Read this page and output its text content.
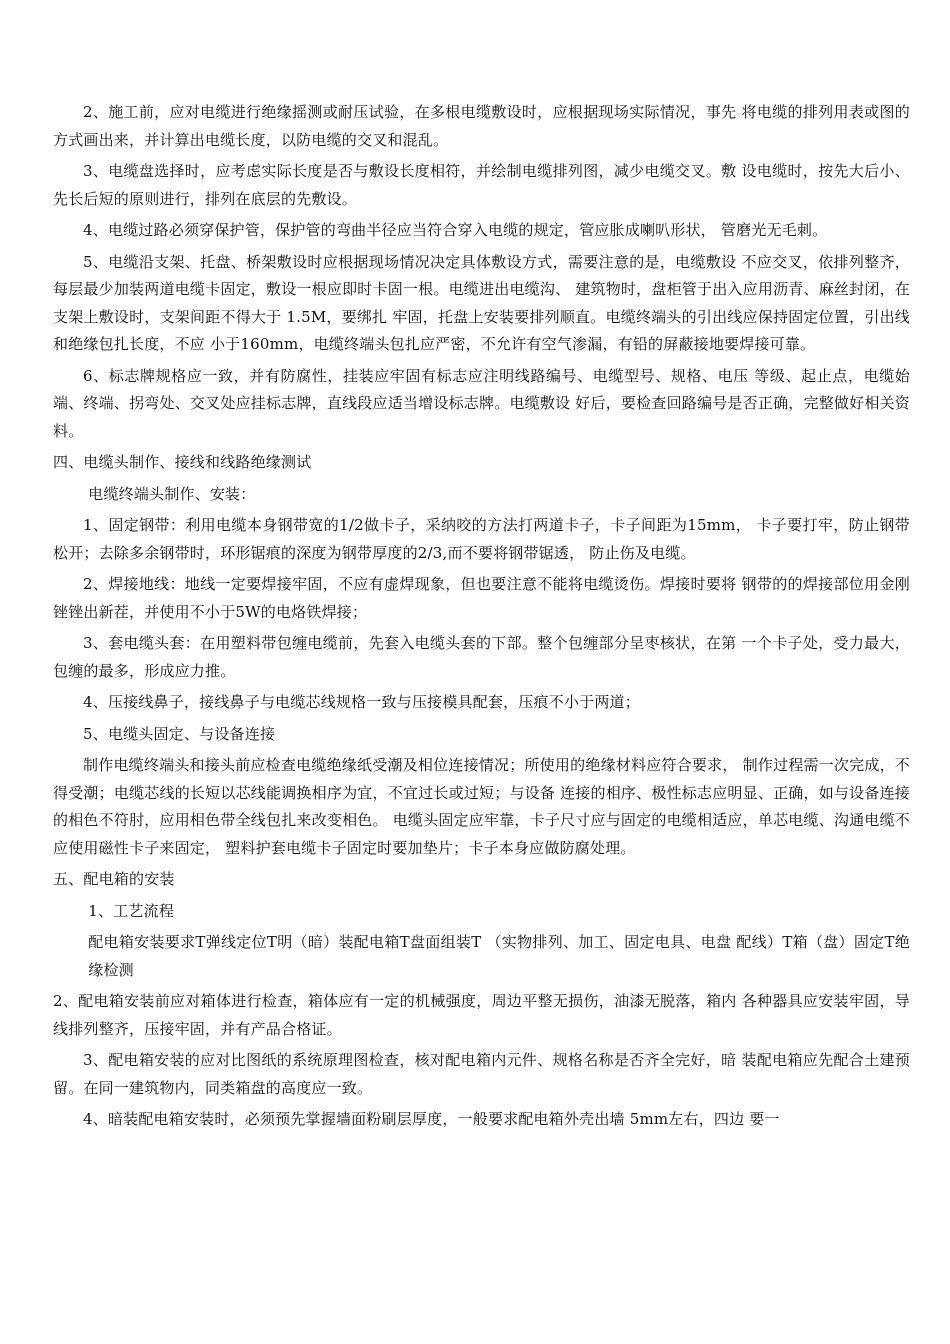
2、施工前，应对电缆进行绝缘摇测或耐压试验，在多根电缆敷设时，应根据现场实际情况，事先 将电缆的排列用表或图的方式画出来，并计算出电缆长度，以防电缆的交叉和混乱。

3、电缆盘选择时，应考虑实际长度是否与敷设长度相符，并绘制电缆排列图，减少电缆交叉。敷 设电缆时，按先大后小、先长后短的原则进行，排列在底层的先敷设。

4、电缆过路必须穿保护管，保护管的弯曲半径应当符合穿入电缆的规定，管应胀成喇叭形状， 管磨光无毛刺。

5、电缆沿支架、托盘、桥架敷设时应根据现场情况决定具体敷设方式，需要注意的是，电缆敷设 不应交叉，依排列整齐，每层最少加装两道电缆卡固定，敷设一根应即时卡固一根。电缆进出电缆沟、 建筑物时，盘柜管于出入应用沥青、麻丝封闭，在支架上敷设时，支架间距不得大于 1.5M，要绑扎 牢固，托盘上安装要排列顺直。电缆终端头的引出线应保持固定位置，引出线和绝缘包扎长度，不应 小于160mm，电缆终端头包扎应严密，不允许有空气渗漏，有铅的屏蔽接地要焊接可靠。

6、标志牌规格应一致，并有防腐性，挂装应牢固有标志应注明线路编号、电缆型号、规格、电压 等级、起止点，电缆始端、终端、拐弯处、交叉处应挂标志牌，直线段应适当增设标志牌。电缆敷设 好后，要检查回路编号是否正确，完整做好相关资料。

四、电缆头制作、接线和线路绝缘测试

电缆终端头制作、安装：

1、固定钢带：利用电缆本身钢带宽的1/2做卡子，采纳咬的方法打两道卡子，卡子间距为15mm， 卡子要打牢，防止钢带松开；去除多余钢带时，环形锯痕的深度为钢带厚度的2/3,而不要将钢带锯透， 防止伤及电缆。

2、焊接地线：地线一定要焊接牢固，不应有虚焊现象，但也要注意不能将电缆烫伤。焊接时要将 钢带的的焊接部位用金刚锉锉出新茬，并使用不小于5W的电烙铁焊接；

3、套电缆头套：在用塑料带包缠电缆前，先套入电缆头套的下部。整个包缠部分呈枣核状，在第 一个卡子处，受力最大，包缠的最多，形成应力推。

4、压接线鼻子，接线鼻子与电缆芯线规格一致与压接模具配套，压痕不小于两道；

5、电缆头固定、与设备连接

制作电缆终端头和接头前应检查电缆绝缘纸受潮及相位连接情况；所使用的绝缘材料应符合要求， 制作过程需一次完成，不得受潮；电缆芯线的长短以芯线能调换相序为宜，不宜过长或过短；与设备 连接的相序、极性标志应明显、正确，如与设备连接的相色不符肘，应用相色带全线包扎来改变相色。 电缆头固定应牢靠，卡子尺寸应与固定的电缆相适应，单芯电缆、沟通电缆不应使用磁性卡子来固定， 塑料护套电缆卡子固定时要加垫片；卡子本身应做防腐处理。

五、配电箱的安装

1、工艺流程

配电箱安装要求T弹线定位T明（暗）装配电箱T盘面组装T （实物排列、加工、固定电具、电盘 配线）T箱（盘）固定T绝缘检测

2、配电箱安装前应对箱体进行检查，箱体应有一定的机械强度，周边平整无损伤，油漆无脱落，箱内 各种器具应安装牢固，导线排列整齐，压接牢固，并有产品合格证。

3、配电箱安装的应对比图纸的系统原理图检查，核对配电箱内元件、规格名称是否齐全完好，暗 装配电箱应先配合土建预留。在同一建筑物内，同类箱盘的高度应一致。

4、暗装配电箱安装时，必须预先掌握墙面粉刷层厚度，一般要求配电箱外壳出墙 5mm左右，四边 要一
